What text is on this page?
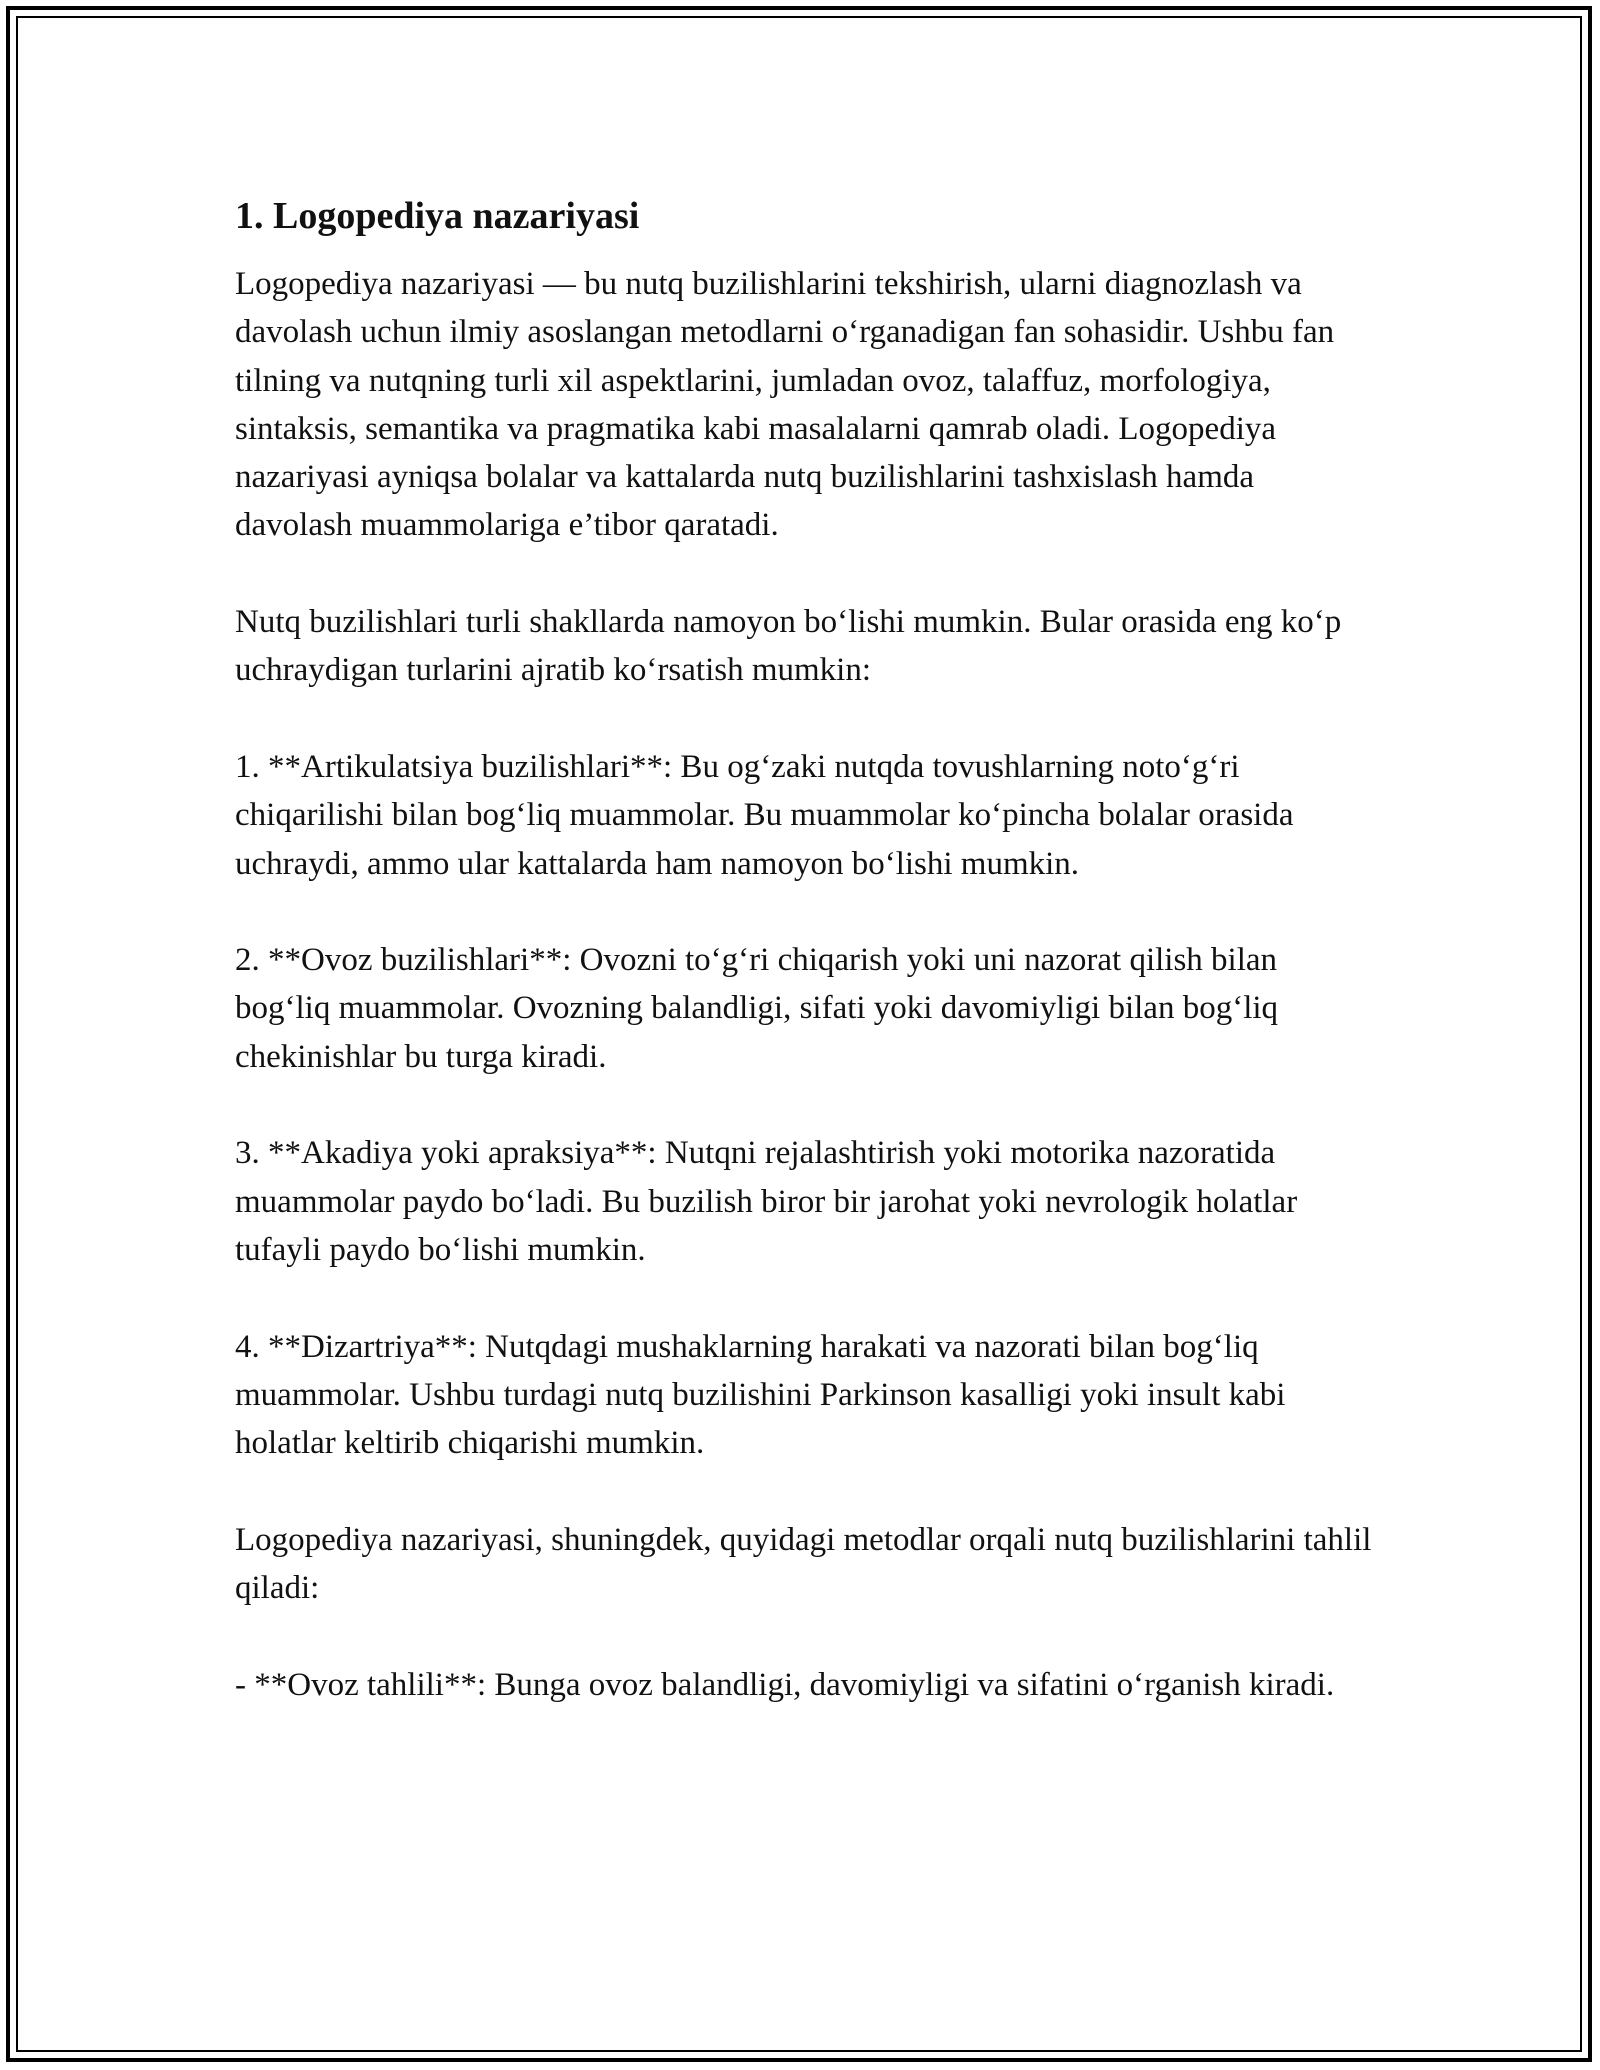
1. Logopediya nazariyasi

Logopediya nazariyasi — bu nutq buzilishlarini tekshirish, ularni diagnozlash va davolash uchun ilmiy asoslangan metodlarni oʻrganadigan fan sohasidir. Ushbu fan tilning va nutqning turli xil aspektlarini, jumladan ovoz, talaffuz, morfologiya, sintaksis, semantika va pragmatika kabi masalalarni qamrab oladi. Logopediya nazariyasi ayniqsa bolalar va kattalarda nutq buzilishlarini tashxislash hamda davolash muammolariga e’tibor qaratadi.

Nutq buzilishlari turli shakllarda namoyon boʻlishi mumkin. Bular orasida eng koʻp uchraydigan turlarini ajratib koʻrsatish mumkin:

1. **Artikulatsiya buzilishlari**: Bu ogʻzaki nutqda tovushlarning notoʻgʻri chiqarilishi bilan bogʻliq muammolar. Bu muammolar koʻpincha bolalar orasida uchraydi, ammo ular kattalarda ham namoyon boʻlishi mumkin.

2. **Ovoz buzilishlari**: Ovozni toʻgʻri chiqarish yoki uni nazorat qilish bilan bogʻliq muammolar. Ovozning balandligi, sifati yoki davomiyligi bilan bogʻliq chekinishlar bu turga kiradi.

3. **Akadiya yoki apraksiya**: Nutqni rejalashtirish yoki motorika nazoratida muammolar paydo boʻladi. Bu buzilish biror bir jarohat yoki nevrologik holatlar tufayli paydo boʻlishi mumkin.

4. **Dizartriya**: Nutqdagi mushaklarning harakati va nazorati bilan bogʻliq muammolar. Ushbu turdagi nutq buzilishini Parkinson kasalligi yoki insult kabi holatlar keltirib chiqarishi mumkin.

Logopediya nazariyasi, shuningdek, quyidagi metodlar orqali nutq buzilishlarini tahlil qiladi:

- **Ovoz tahlili**: Bunga ovoz balandligi, davomiyligi va sifatini oʻrganish kiradi.
